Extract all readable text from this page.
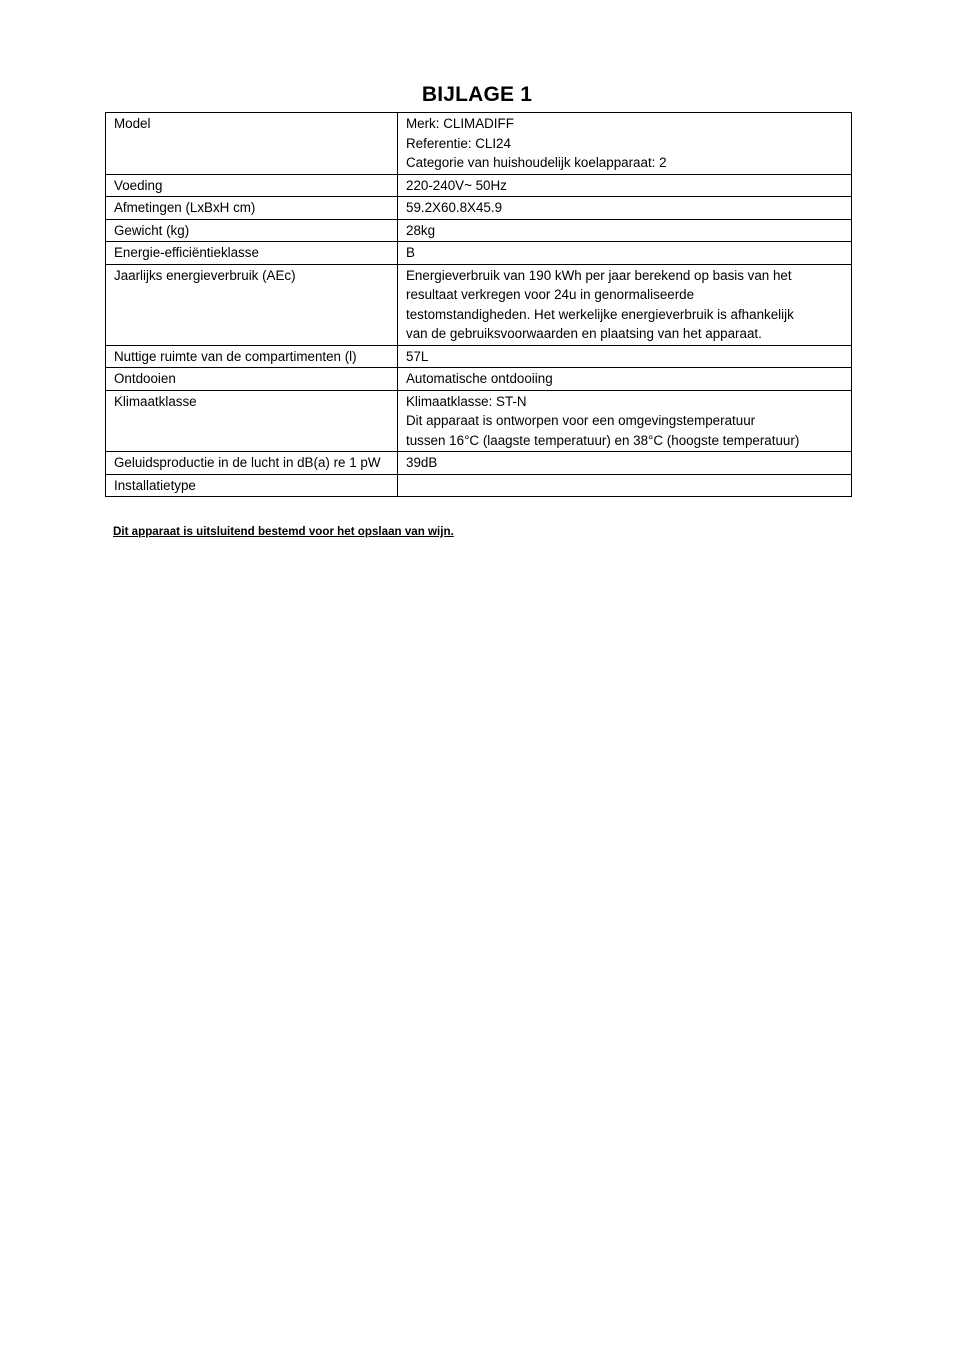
BIJLAGE 1
Model	Merk: CLIMADIFF
Referentie: CLI24
Categorie van huishoudelijk koelapparaat: 2
Voeding	220-240V~ 50Hz
Afmetingen (LxBxH cm)	59.2X60.8X45.9
Gewicht (kg)	28kg
Energie-efficiëntieklasse	B
Jaarlijks energieverbruik (AEc)	Energieverbruik van 190 kWh per jaar berekend op basis van het
resultaat verkregen voor 24u in genormaliseerde
testomstandigheden. Het werkelijke energieverbruik is afhankelijk
van de gebruiksvoorwaarden en plaatsing van het apparaat.
Nuttige ruimte van de compartimenten (l)	57L
Ontdooien	Automatische ontdooiing
Klimaatklasse	Klimaatklasse: ST-N
Dit apparaat is ontworpen voor een omgevingstemperatuur
tussen 16°C (laagste temperatuur) en 38°C (hoogste temperatuur)
Geluidsproductie in de lucht in dB(a) re 1 pW	39dB
Installatietype	
Dit apparaat is uitsluitend bestemd voor het opslaan van wijn.
